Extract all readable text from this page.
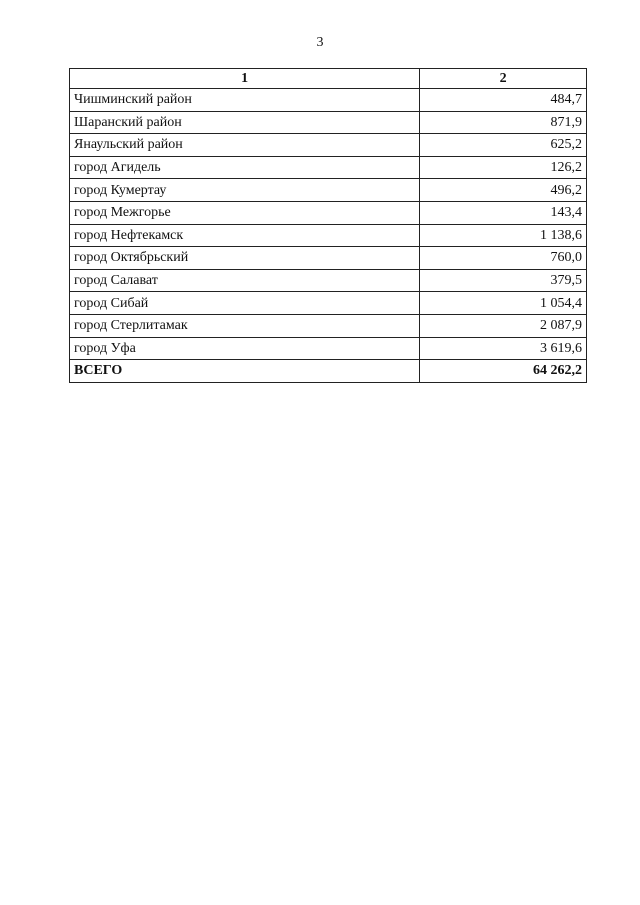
3
1	2
Чишминский район	484,7
Шаранский район	871,9
Янаульский район	625,2
город Агидель	126,2
город Кумертау	496,2
город Межгорье	143,4
город Нефтекамск	1 138,6
город Октябрьский	760,0
город Салават	379,5
город Сибай	1 054,4
город Стерлитамак	2 087,9
город Уфа	3 619,6
ВСЕГО	64 262,2
